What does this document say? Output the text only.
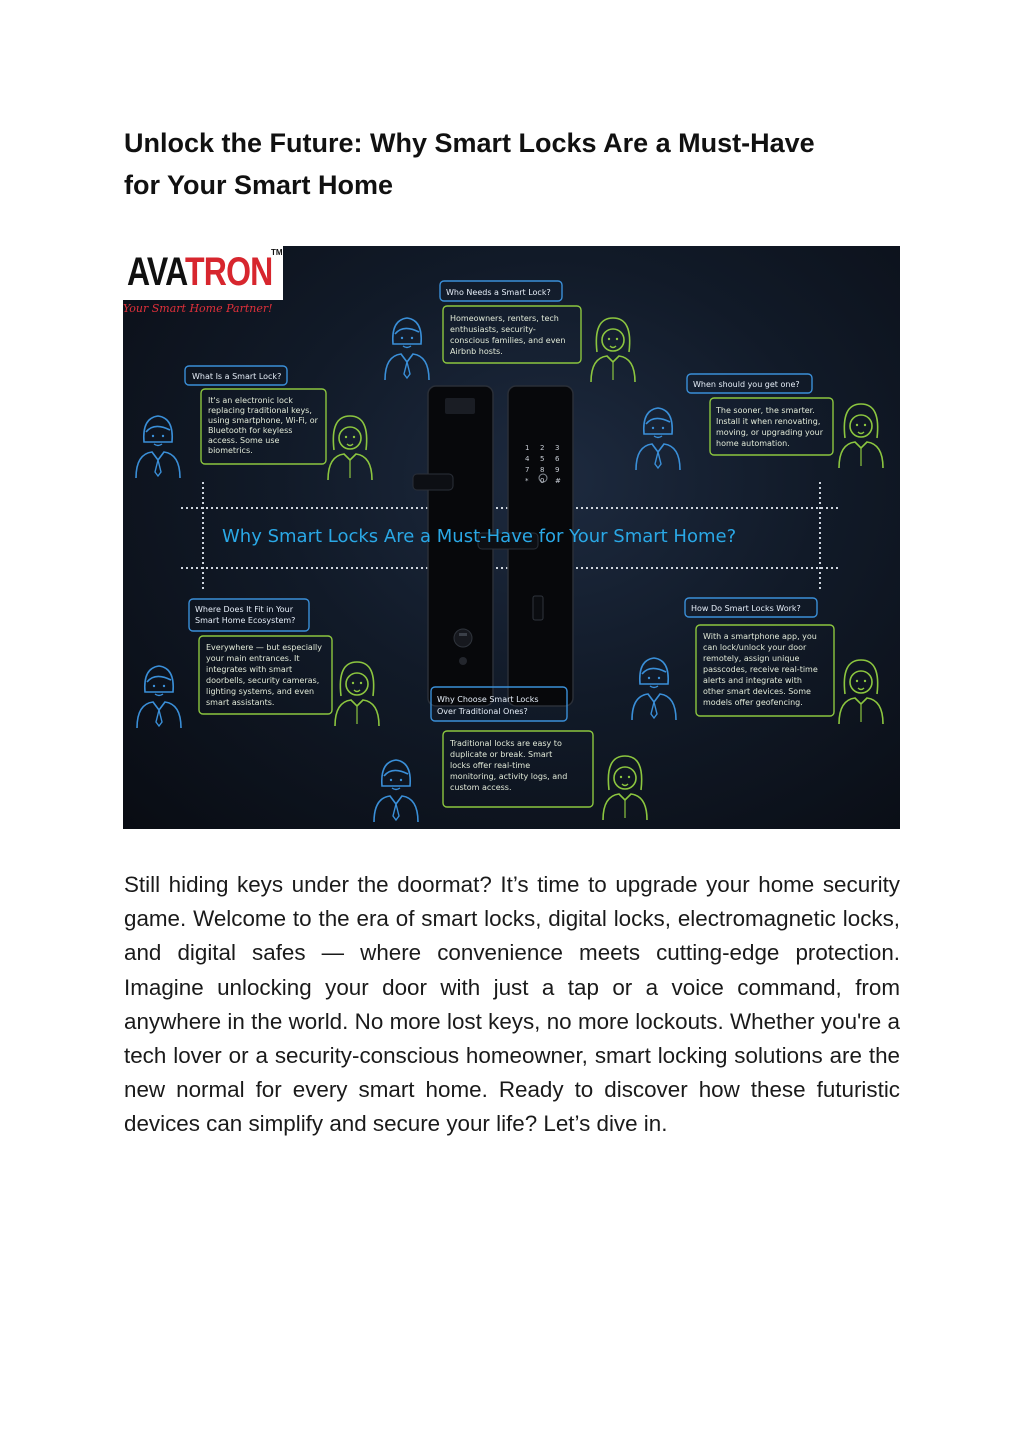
Unlock the Future: Why Smart Locks Are a Must-Have
for Your Smart Home
1 2 3
4 5 6
7 8 9
* 0 #
Why Smart Locks Are a Must-Have for Your Smart Home?
Who Needs a Smart Lock?
Homeowners, renters, tech
enthusiasts, security-
conscious families, and even
Airbnb hosts.
What Is a Smart Lock?
It's an electronic lock
replacing traditional keys,
using smartphone, Wi-Fi, or
Bluetooth for keyless
access. Some use
biometrics.
When should you get one?
The sooner, the smarter.
Install it when renovating,
moving, or upgrading your
home automation.
Where Does It Fit in Your
Smart Home Ecosystem?
Everywhere — but especially
your main entrances. It
integrates with smart
doorbells, security cameras,
lighting systems, and even
smart assistants.
How Do Smart Locks Work?
With a smartphone app, you
can lock/unlock your door
remotely, assign unique
passcodes, receive real-time
alerts and integrate with
other smart devices. Some
models offer geofencing.
Why Choose Smart Locks
Over Traditional Ones?
Traditional locks are easy to
duplicate or break. Smart
locks offer real-time
monitoring, activity logs, and
custom access.
AVATRON
TM
Your Smart Home Partner!

Still hiding keys under the doormat? It’s time to upgrade your home security game. Welcome to the era of smart locks, digital locks, electromagnetic locks, and digital safes — where convenience meets cutting-edge protection. Imagine unlocking your door with just a tap or a voice command, from anywhere in the world. No more lost keys, no more lockouts. Whether you're a tech lover or a security-conscious homeowner, smart locking solutions are the new normal for every smart home. Ready to discover how these futuristic devices can simplify and secure your life? Let’s dive in.
